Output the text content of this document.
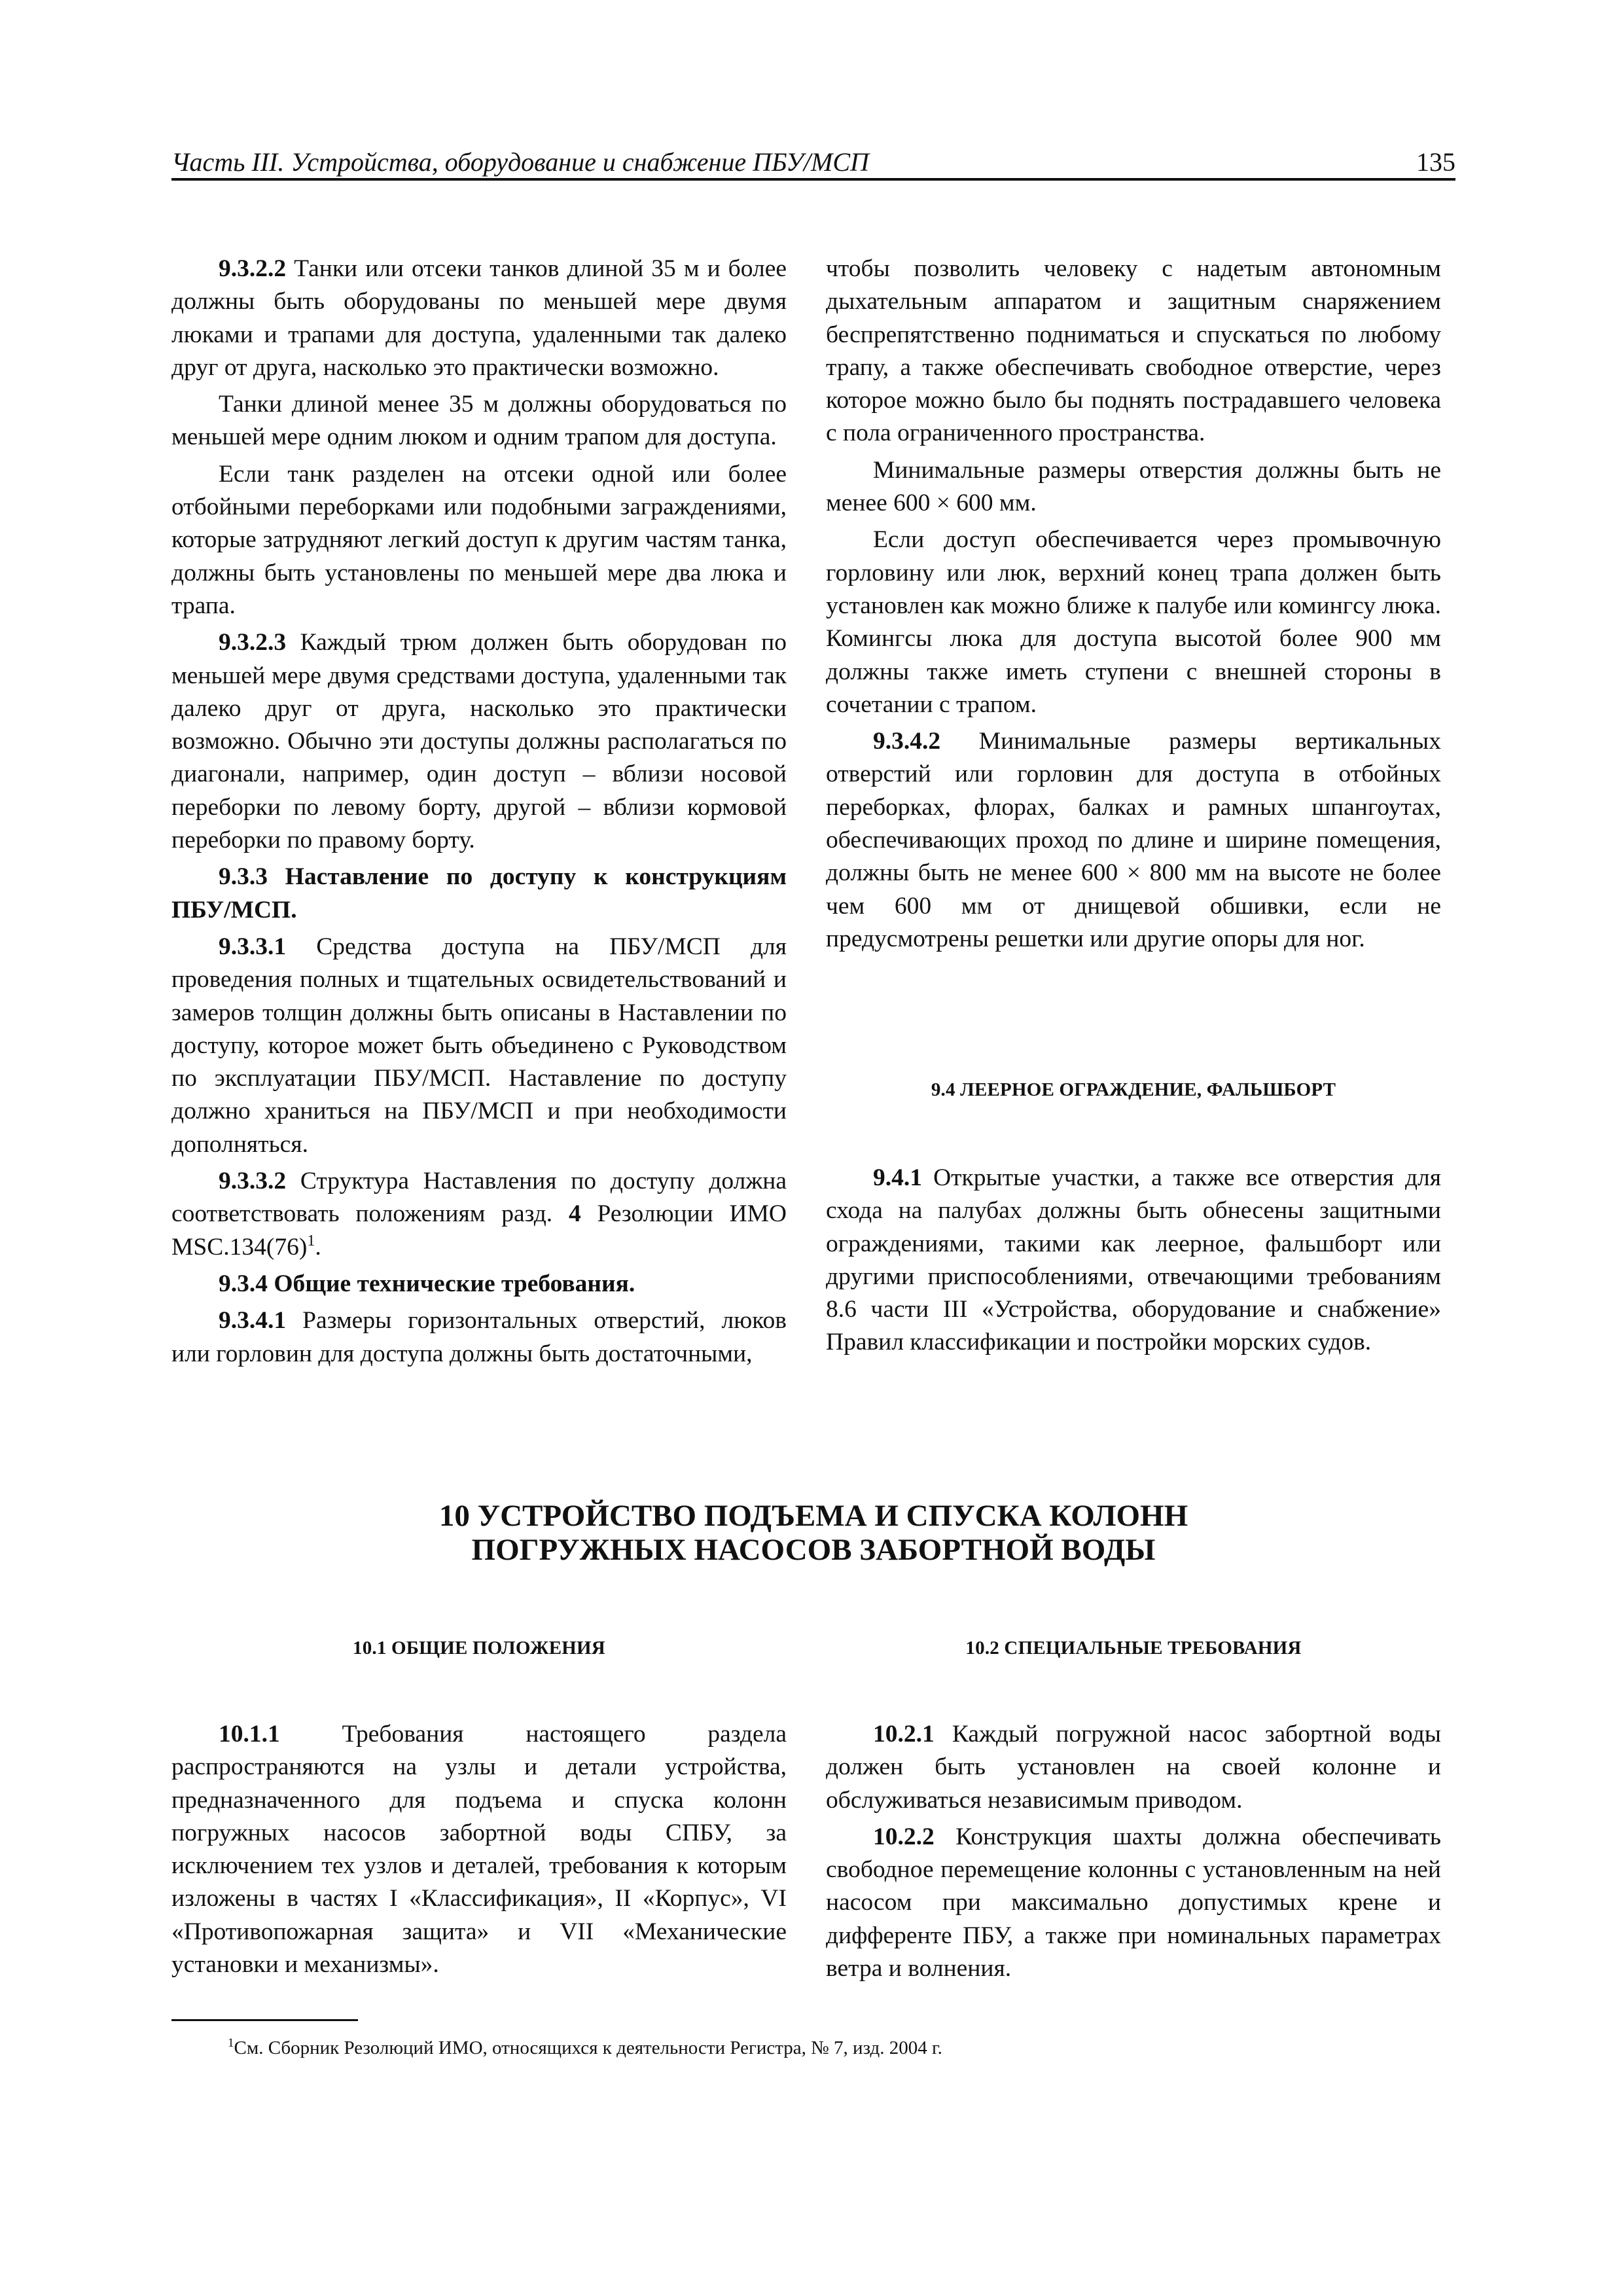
Часть III. Устройства, оборудование и снабжение ПБУ/МСП	135

9.3.2.2 Танки или отсеки танков длиной 35 м и более должны быть оборудованы по меньшей мере двумя люками и трапами для доступа, удаленными так далеко друг от друга, насколько это практически возможно.

Танки длиной менее 35 м должны оборудоваться по меньшей мере одним люком и одним трапом для доступа.

Если танк разделен на отсеки одной или более отбойными переборками или подобными заграждениями, которые затрудняют легкий доступ к другим частям танка, должны быть установлены по меньшей мере два люка и трапа.

9.3.2.3 Каждый трюм должен быть оборудован по меньшей мере двумя средствами доступа, удаленными так далеко друг от друга, насколько это практически возможно. Обычно эти доступы должны располагаться по диагонали, например, один доступ – вблизи носовой переборки по левому борту, другой – вблизи кормовой переборки по правому борту.

9.3.3 Наставление по доступу к конструкциям ПБУ/МСП.

9.3.3.1 Средства доступа на ПБУ/МСП для проведения полных и тщательных освидетельствований и замеров толщин должны быть описаны в Наставлении по доступу, которое может быть объединено с Руководством по эксплуатации ПБУ/МСП. Наставление по доступу должно храниться на ПБУ/МСП и при необходимости дополняться.

9.3.3.2 Структура Наставления по доступу должна соответствовать положениям разд. 4 Резолюции ИМО $MSC.134(76)^1$.

9.3.4 Общие технические требования.

9.3.4.1 Размеры горизонтальных отверстий, люков или горловин для доступа должны быть достаточными,

чтобы позволить человеку с надетым автономным дыхательным аппаратом и защитным снаряжением беспрепятственно подниматься и спускаться по любому трапу, а также обеспечивать свободное отверстие, через которое можно было бы поднять пострадавшего человека с пола ограниченного пространства.

Минимальные размеры отверстия должны быть не менее 600 × 600 мм.

Если доступ обеспечивается через промывочную горловину или люк, верхний конец трапа должен быть установлен как можно ближе к палубе или комингсу люка. Комингсы люка для доступа высотой более 900 мм должны также иметь ступени с внешней стороны в сочетании с трапом.

9.3.4.2 Минимальные размеры вертикальных отверстий или горловин для доступа в отбойных переборках, флорах, балках и рамных шпангоутах, обеспечивающих проход по длине и ширине помещения, должны быть не менее 600 × 800 мм на высоте не более чем 600 мм от днищевой обшивки, если не предусмотрены решетки или другие опоры для ног.

9.4 ЛЕЕРНОЕ ОГРАЖДЕНИЕ, ФАЛЬШБОРТ

9.4.1 Открытые участки, а также все отверстия для схода на палубах должны быть обнесены защитными ограждениями, такими как леерное, фальшборт или другими приспособлениями, отвечающими требованиям 8.6 части III «Устройства, оборудование и снабжение» Правил классификации и постройки морских судов.

10 УСТРОЙСТВО ПОДЪЕМА И СПУСКА КОЛОНН
ПОГРУЖНЫХ НАСОСОВ ЗАБОРТНОЙ ВОДЫ

10.1 ОБЩИЕ ПОЛОЖЕНИЯ

10.1.1 Требования настоящего раздела распространяются на узлы и детали устройства, предназначенного для подъема и спуска колонн погружных насосов забортной воды СПБУ, за исключением тех узлов и деталей, требования к которым изложены в частях I «Классификация», II «Корпус», VI «Противопожарная защита» и VII «Механические установки и механизмы».

10.2 СПЕЦИАЛЬНЫЕ ТРЕБОВАНИЯ

10.2.1 Каждый погружной насос забортной воды должен быть установлен на своей колонне и обслуживаться независимым приводом.

10.2.2 Конструкция шахты должна обеспечивать свободное перемещение колонны с установленным на ней насосом при максимально допустимых крене и дифференте ПБУ, а также при номинальных параметрах ветра и волнения.

$^1$См. Сборник Резолюций ИМО, относящихся к деятельности Регистра, № 7, изд. 2004 г.
